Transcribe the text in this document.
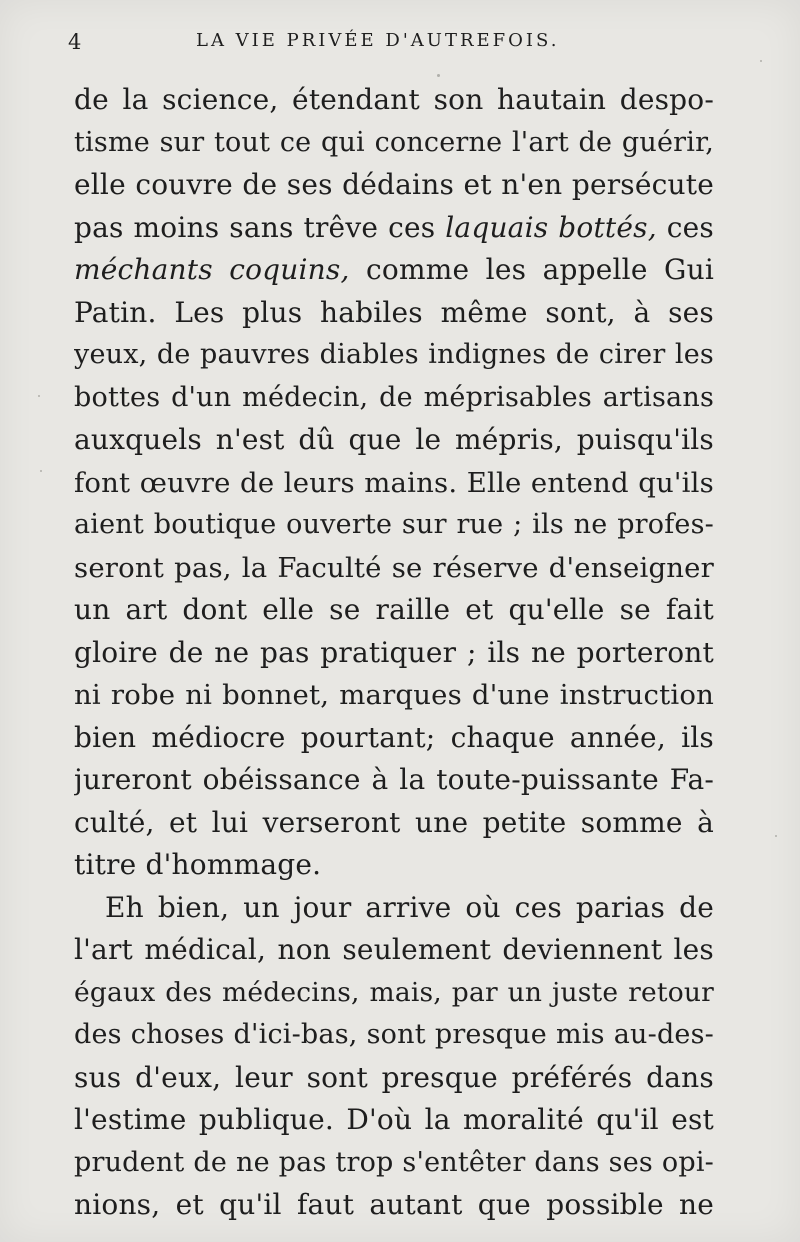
4	LA VIE PRIVÉE D'AUTREFOIS.
de la science, étendant son hautain despo-
tisme sur tout ce qui concerne l'art de guérir,
elle couvre de ses dédains et n'en persécute
pas moins sans trêve ces laquais bottés, ces
méchants coquins, comme les appelle Gui
Patin. Les plus habiles même sont, à ses
yeux, de pauvres diables indignes de cirer les
bottes d'un médecin, de méprisables artisans
auxquels n'est dû que le mépris, puisqu'ils
font œuvre de leurs mains. Elle entend qu'ils
aient boutique ouverte sur rue ; ils ne profes-
seront pas, la Faculté se réserve d'enseigner
un art dont elle se raille et qu'elle se fait
gloire de ne pas pratiquer ; ils ne porteront
ni robe ni bonnet, marques d'une instruction
bien médiocre pourtant; chaque année, ils
jureront obéissance à la toute-puissante Fa-
culté, et lui verseront une petite somme à
titre d'hommage.
Eh bien, un jour arrive où ces parias de
l'art médical, non seulement deviennent les
égaux des médecins, mais, par un juste retour
des choses d'ici-bas, sont presque mis au-des-
sus d'eux, leur sont presque préférés dans
l'estime publique. D'où la moralité qu'il est
prudent de ne pas trop s'entêter dans ses opi-
nions, et qu'il faut autant que possible ne
